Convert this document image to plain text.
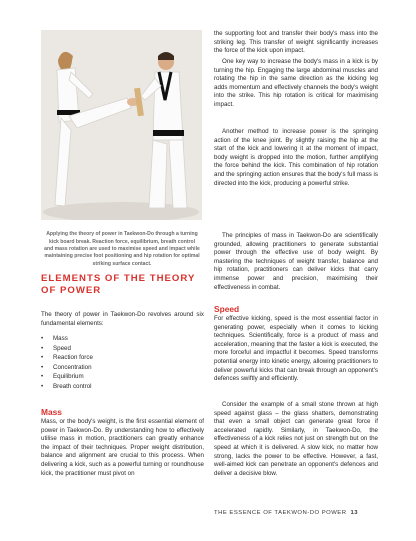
Applying the theory of power in Taekwon-Do through a turning kick board break. Reaction force, equilibrium, breath control and mass rotation are used to maximise speed and impact while maintaining precise foot positioning and hip rotation for optimal striking surface contact.

ELEMENTS OF THE THEORY OF POWER

The theory of power in Taekwon-Do revolves around six fundamental elements:

• Mass
• Speed
• Reaction force
• Concentration
• Equilibrium
• Breath control
Mass

Mass, or the body's weight, is the first essential element of power in Taekwon-Do. By understanding how to effectively utilise mass in motion, practitioners can greatly enhance the impact of their techniques. Proper weight distribution, balance and alignment are crucial to this process. When delivering a kick, such as a powerful turning or roundhouse kick, the practitioner must pivot on

the supporting foot and transfer their body's mass into the striking leg. This transfer of weight significantly increases the force of the kick upon impact.

One key way to increase the body's mass in a kick is by turning the hip. Engaging the large abdominal muscles and rotating the hip in the same direction as the kicking leg adds momentum and effectively channels the body's weight into the strike. This hip rotation is critical for maximising impact.

Another method to increase power is the springing action of the knee joint. By slightly raising the hip at the start of the kick and lowering it at the moment of impact, body weight is dropped into the motion, further amplifying the force behind the kick. This combination of hip rotation and the springing action ensures that the body's full mass is directed into the kick, producing a powerful strike.

The principles of mass in Taekwon-Do are scientifically grounded, allowing practitioners to generate substantial power through the effective use of body weight. By mastering the techniques of weight transfer, balance and hip rotation, practitioners can deliver kicks that carry immense power and precision, maximising their effectiveness in combat.

Speed

For effective kicking, speed is the most essential factor in generating power, especially when it comes to kicking techniques. Scientifically, force is a product of mass and acceleration, meaning that the faster a kick is executed, the more forceful and impactful it becomes. Speed transforms potential energy into kinetic energy, allowing practitioners to deliver powerful kicks that can break through an opponent's defences swiftly and efficiently.

Consider the example of a small stone thrown at high speed against glass – the glass shatters, demonstrating that even a small object can generate great force if accelerated rapidly. Similarly, in Taekwon-Do, the effectiveness of a kick relies not just on strength but on the speed at which it is delivered. A slow kick, no matter how strong, lacks the power to be effective. However, a fast, well-aimed kick can penetrate an opponent's defences and deliver a decisive blow.

THE ESSENCE OF TAEKWON-DO POWER 13
